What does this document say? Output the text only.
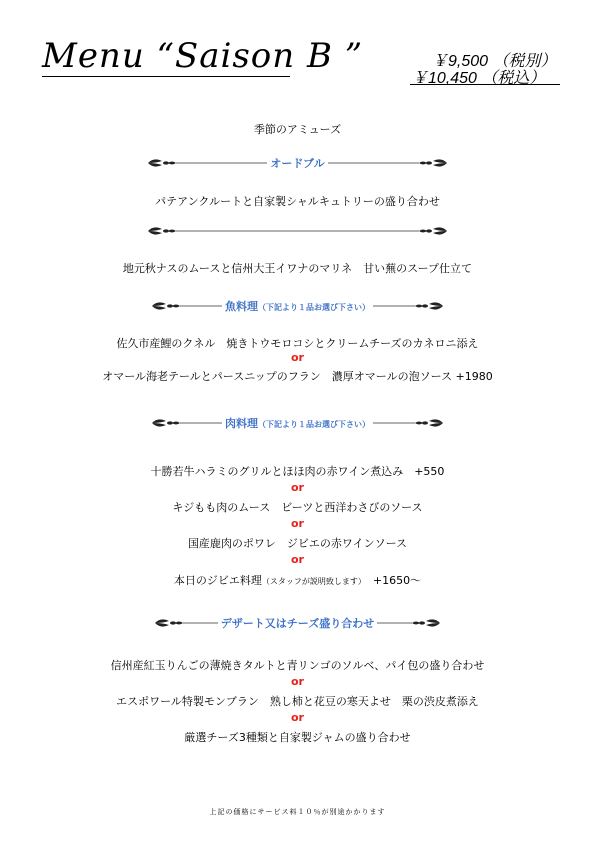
Menu “Saison B ”	￥9,500 （税別）
￥10,450 （税込）
季節のアミューズ
オードブル
パテアンクルートと自家製シャルキュトリーの盛り合わせ
地元秋ナスのムースと信州大王イワナのマリネ　甘い蕪のスープ仕立て
魚料理（下記より１品お選び下さい）
佐久市産鯉のクネル　焼きトウモロコシとクリームチーズのカネロニ添え
or
オマール海老テールとパースニップのフラン　濃厚オマールの泡ソース +1980
肉料理（下記より１品お選び下さい）
十勝若牛ハラミのグリルとほほ肉の赤ワイン煮込み　+550
or
キジもも肉のムース　ビーツと西洋わさびのソース
or
国産鹿肉のポワレ　ジビエの赤ワインソース
or
本日のジビエ料理（スタッフが説明致します）　+1650〜
デザート又はチーズ盛り合わせ
信州産紅玉りんごの薄焼きタルトと青リンゴのソルベ、パイ包の盛り合わせ
or
エスポワール特製モンブラン　熟し柿と花豆の寒天よせ　栗の渋皮煮添え
or
厳選チーズ3種類と自家製ジャムの盛り合わせ
上記の価格にサービス料１０％が別途かかります
